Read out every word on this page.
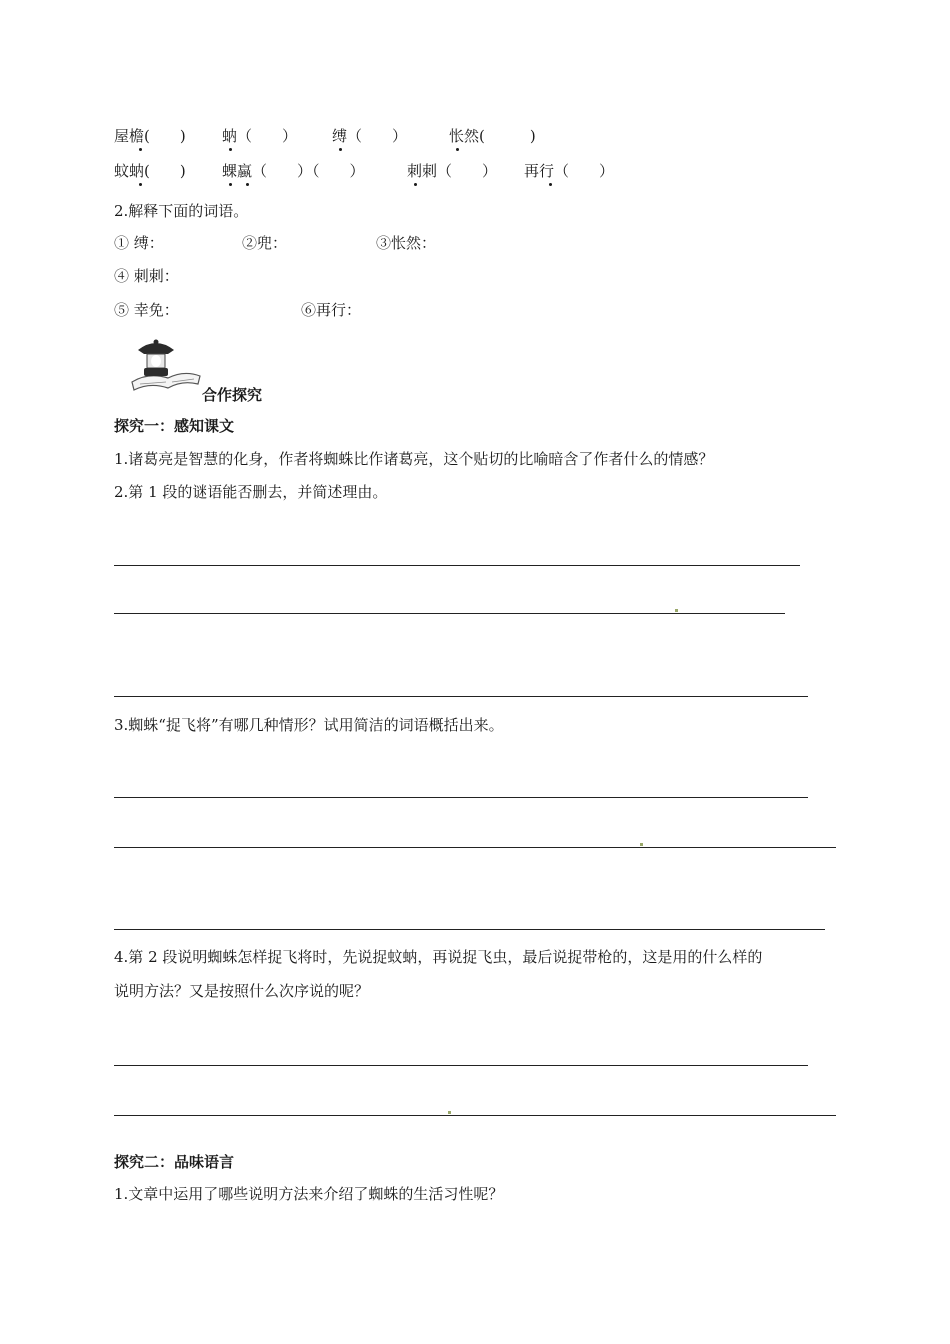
屋檐(　　) 蚋（　　） 缚（　　）	怅然(　　　)
蚊蚋(　　) 蜾蠃（　　）（　　）	刺刺（　　） 再行（　　）
2.解释下面的词语。
① 缚：	②兜：	③怅然：
④ 刺刺：
⑤ 幸免：	⑥再行：
合作探究
探究一：感知课文
1.诸葛亮是智慧的化身，作者将蜘蛛比作诸葛亮，这个贴切的比喻暗含了作者什么的情感？
2.第 1 段的谜语能否删去，并简述理由。
3.蜘蛛“捉飞将”有哪几种情形？试用简洁的词语概括出来。
4.第 2 段说明蜘蛛怎样捉飞将时，先说捉蚊蚋，再说捉飞虫，最后说捉带枪的，这是用的什么样的
说明方法？又是按照什么次序说的呢？
探究二：品味语言
1.文章中运用了哪些说明方法来介绍了蜘蛛的生活习性呢？
